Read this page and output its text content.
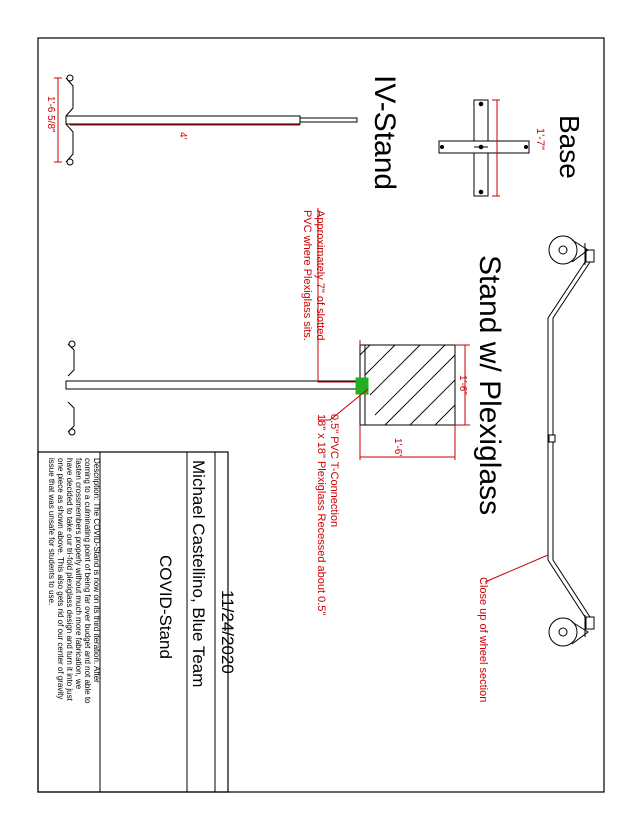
Base
Stand w/ Plexiglass
IV-Stand	1'-7"
1'-6 5/8"
4'
1'-6"
1'-6"
Approximately 7" of slotted
PVC where Plexiglass sits.
0.5" PVC T-Connection
18" x 18" Plexiglass Recessed about 0.5"
Close up of wheel section
11/24/2020
Michael Castellino, Blue Team
COVID-Stand
Description: The COVID-Stand is now on its third iteration. After
coming to a culminating point of being far over budget and not able to
fasten crossmembers properly without much more fabrication, we
have decided to take our tri-fold plexiglass design and turn it into just
one piece as shown above. This also gets rid of our center of gravity
issue that was unsafe for students to use.
